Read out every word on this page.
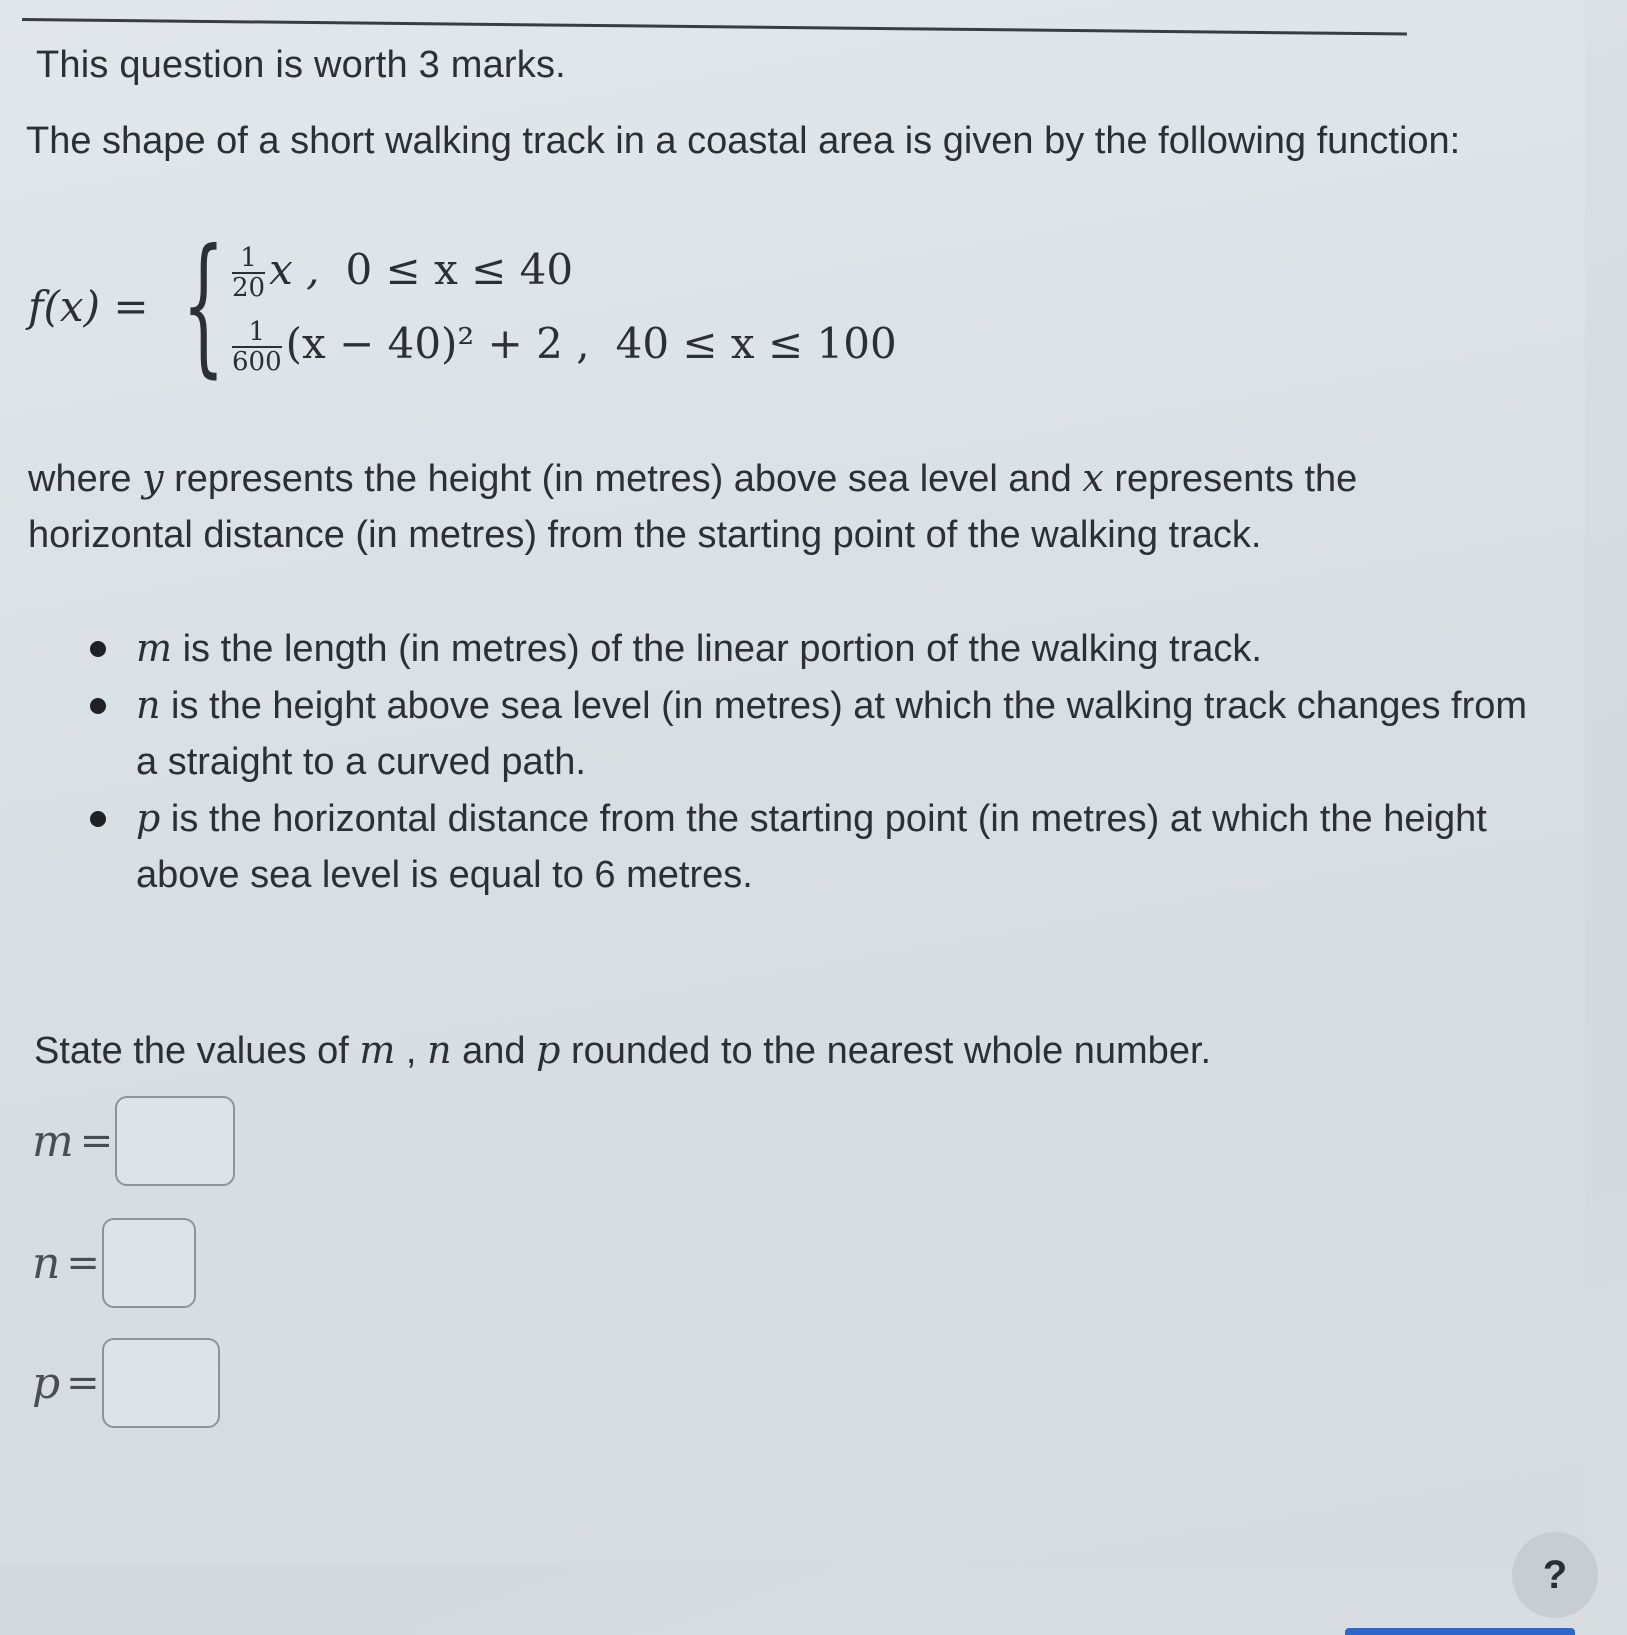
This question is worth 3 marks.
The shape of a short walking track in a coastal area is given by the following function:
f(x) = { $\frac{1}{20}$ x , 0 ≤ x ≤ 40
$\frac{1}{600} (x - 40)^2 + 2$ , 40 ≤ x ≤ 100
where y represents the height (in metres) above sea level and x represents the horizontal distance (in metres) from the starting point of the walking track.
m is the length (in metres) of the linear portion of the walking track.
n is the height above sea level (in metres) at which the walking track changes from a straight to a curved path.
p is the horizontal distance from the starting point (in metres) at which the height above sea level is equal to 6 metres.
State the values of m , n and p rounded to the nearest whole number.
m =
n =
p =
?
